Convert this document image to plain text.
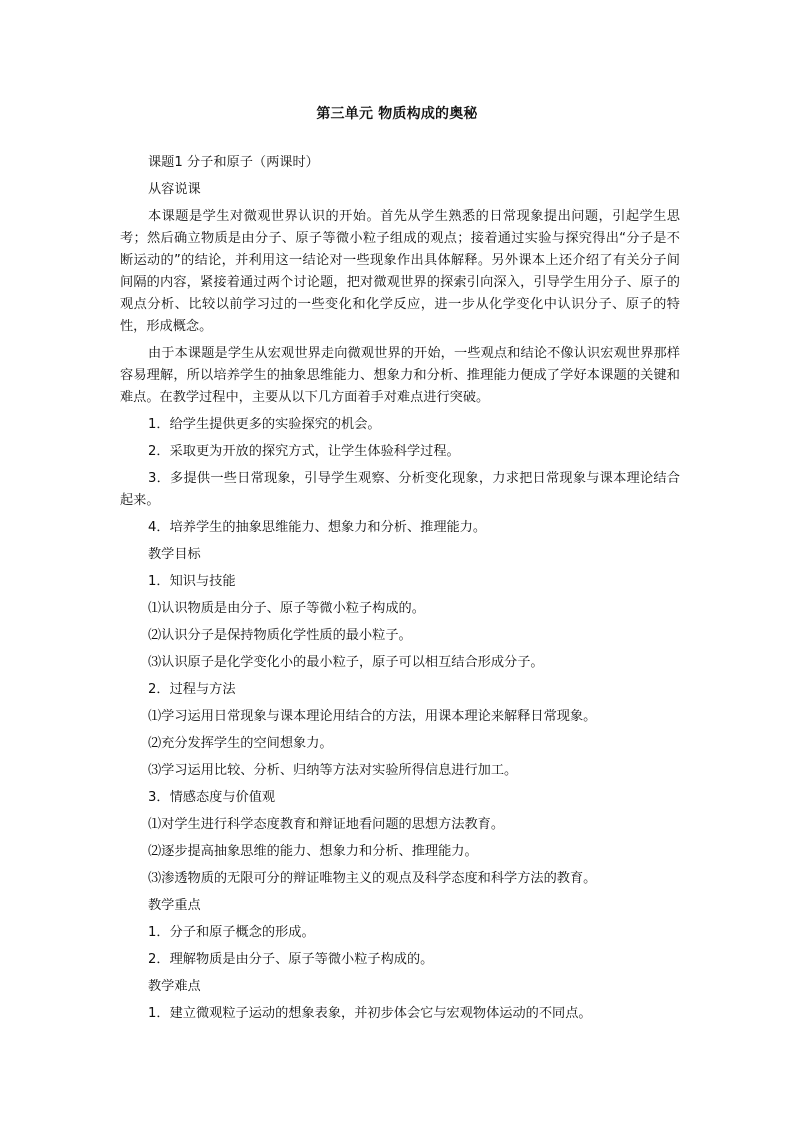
第三单元 物质构成的奥秘

课题1 分子和原子（两课时）

从容说课

本课题是学生对微观世界认识的开始。首先从学生熟悉的日常现象提出问题，引起学生思考；然后确立物质是由分子、原子等微小粒子组成的观点；接着通过实验与探究得出“分子是不断运动的”的结论，并利用这一结论对一些现象作出具体解释。另外课本上还介绍了有关分子间间隔的内容，紧接着通过两个讨论题，把对微观世界的探索引向深入，引导学生用分子、原子的观点分析、比较以前学习过的一些变化和化学反应，进一步从化学变化中认识分子、原子的特性，形成概念。

由于本课题是学生从宏观世界走向微观世界的开始，一些观点和结论不像认识宏观世界那样容易理解，所以培养学生的抽象思维能力、想象力和分析、推理能力便成了学好本课题的关键和难点。在教学过程中，主要从以下几方面着手对难点进行突破。

1．给学生提供更多的实验探究的机会。

2．采取更为开放的探究方式，让学生体验科学过程。

3．多提供一些日常现象，引导学生观察、分析变化现象，力求把日常现象与课本理论结合起来。

4．培养学生的抽象思维能力、想象力和分析、推理能力。

教学目标

1．知识与技能

⑴认识物质是由分子、原子等微小粒子构成的。

⑵认识分子是保持物质化学性质的最小粒子。

⑶认识原子是化学变化小的最小粒子，原子可以相互结合形成分子。

2．过程与方法

⑴学习运用日常现象与课本理论用结合的方法，用课本理论来解释日常现象。

⑵充分发挥学生的空间想象力。

⑶学习运用比较、分析、归纳等方法对实验所得信息进行加工。

3．情感态度与价值观

⑴对学生进行科学态度教育和辩证地看问题的思想方法教育。

⑵逐步提高抽象思维的能力、想象力和分析、推理能力。

⑶渗透物质的无限可分的辩证唯物主义的观点及科学态度和科学方法的教育。

教学重点

1．分子和原子概念的形成。

2．理解物质是由分子、原子等微小粒子构成的。

教学难点

1．建立微观粒子运动的想象表象，并初步体会它与宏观物体运动的不同点。
